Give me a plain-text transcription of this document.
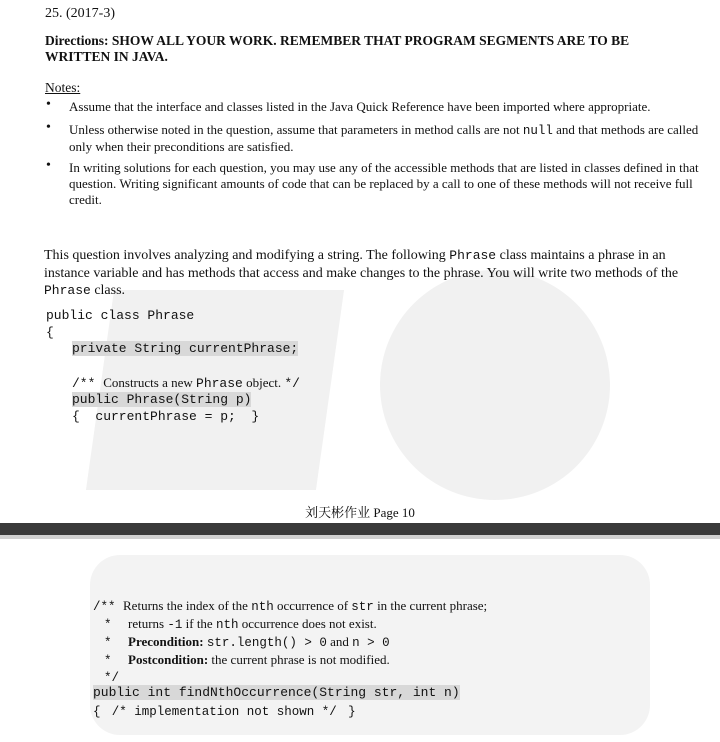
25. (2017-3)
Directions: SHOW ALL YOUR WORK. REMEMBER THAT PROGRAM SEGMENTS ARE TO BE WRITTEN IN JAVA.
Notes:
• Assume that the interface and classes listed in the Java Quick Reference have been imported where appropriate.
• Unless otherwise noted in the question, assume that parameters in method calls are not null and that methods are called only when their preconditions are satisfied.
• In writing solutions for each question, you may use any of the accessible methods that are listed in classes defined in that question. Writing significant amounts of code that can be replaced by a call to one of these methods will not receive full credit.
This question involves analyzing and modifying a string. The following Phrase class maintains a phrase in an instance variable and has methods that access and make changes to the phrase. You will write two methods of the Phrase class.
public class Phrase
{
private String currentPhrase;
/** Constructs a new Phrase object. */
public Phrase(String p)
{  currentPhrase = p;  }
刘天彬作业 Page 10
/** Returns the index of the nth occurrence of str in the current phrase;
* returns -1 if the nth occurrence does not exist.
* Precondition: str.length() > 0 and n > 0
* Postcondition: the current phrase is not modified.
*/
public int findNthOccurrence(String str, int n)
{ /* implementation not shown */ }
